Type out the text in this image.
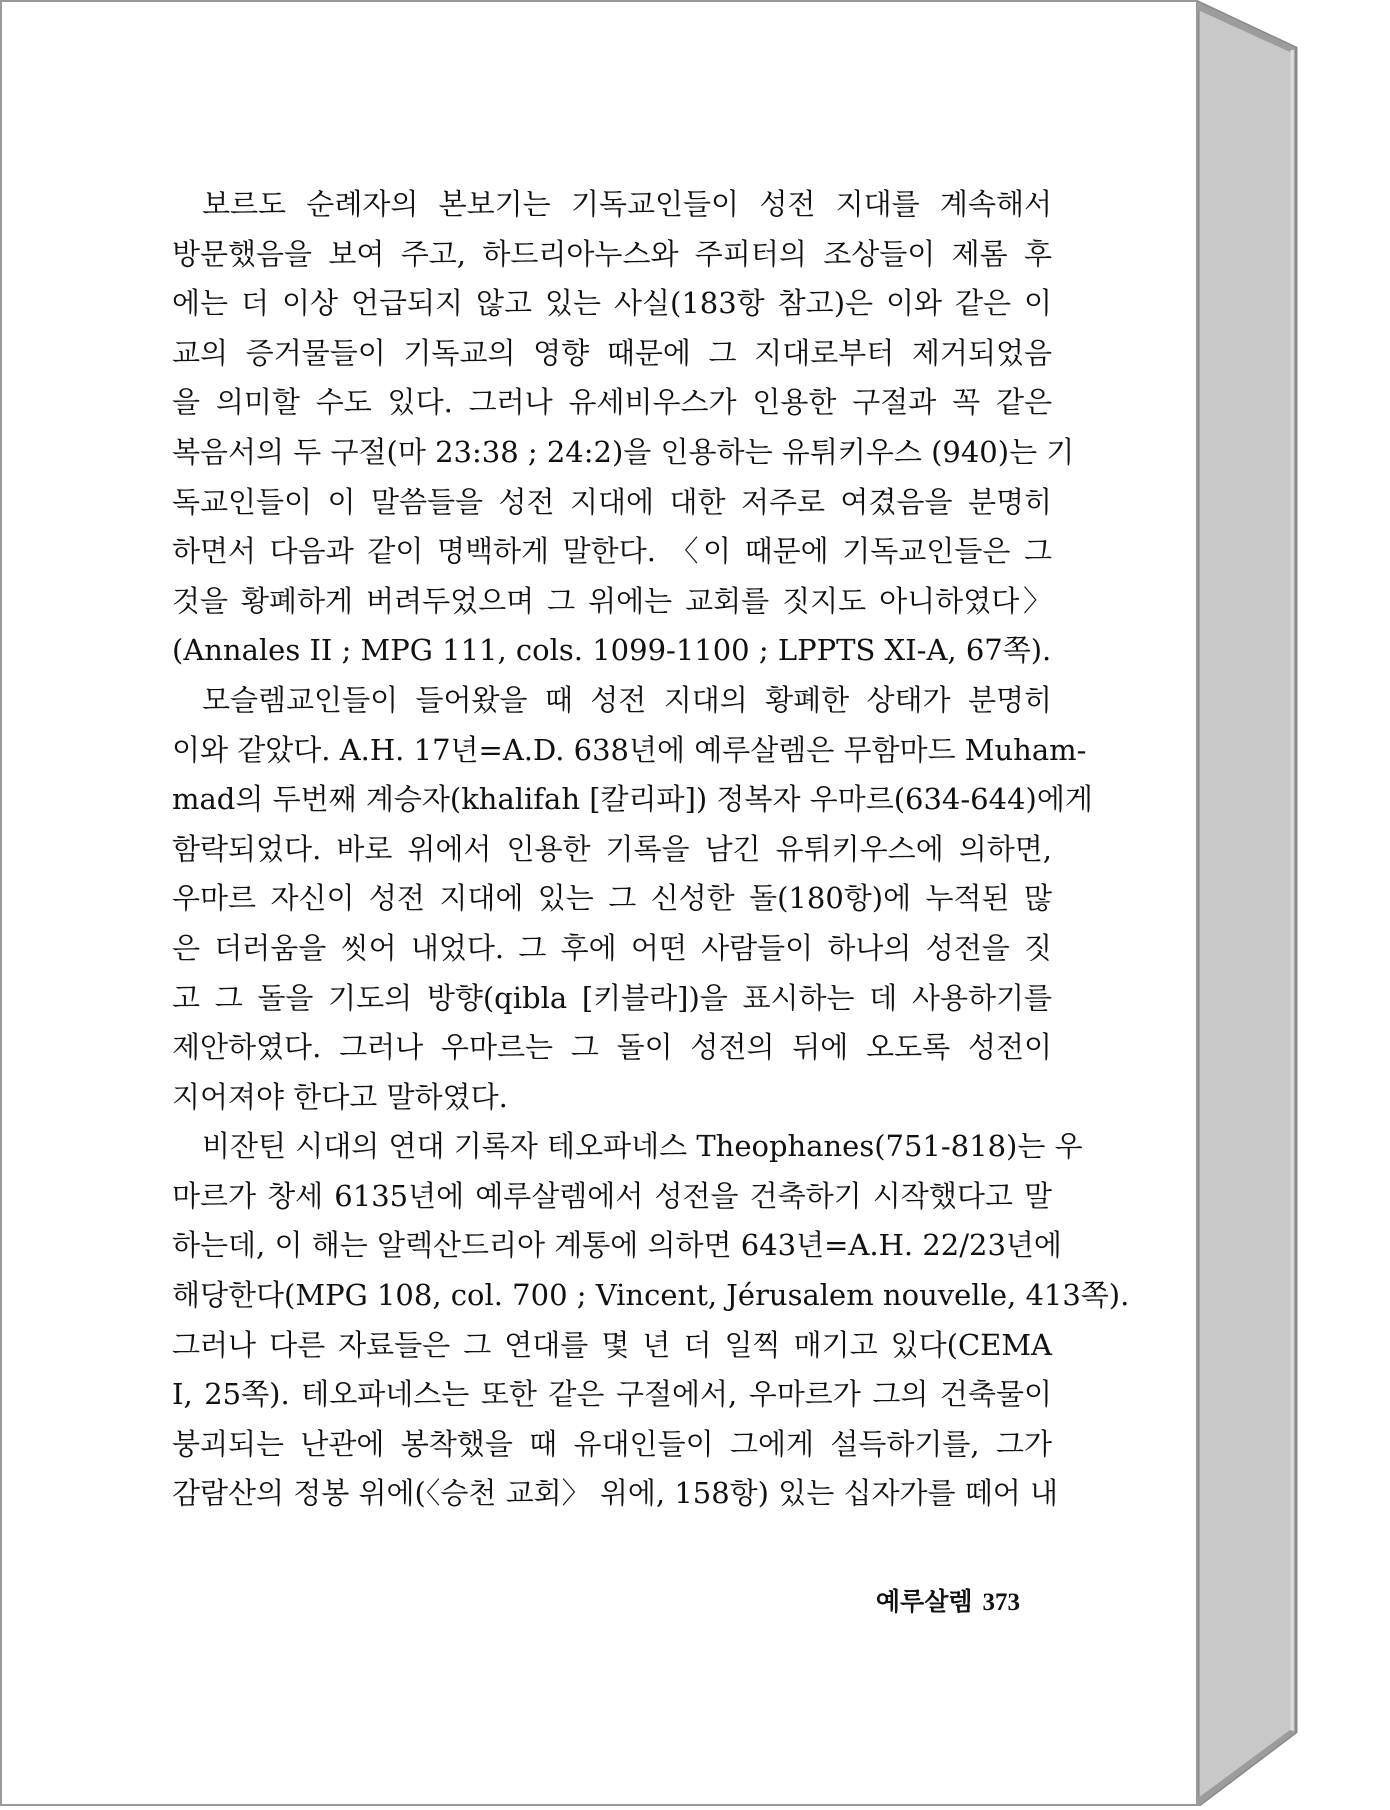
보르도 순례자의 본보기는 기독교인들이 성전 지대를 계속해서
방문했음을 보여 주고, 하드리아누스와 주피터의 조상들이 제롬 후
에는 더 이상 언급되지 않고 있는 사실(183항 참고)은 이와 같은 이
교의 증거물들이 기독교의 영향 때문에 그 지대로부터 제거되었음
을 의미할 수도 있다. 그러나 유세비우스가 인용한 구절과 꼭 같은
복음서의 두 구절(마 23:38 ; 24:2)을 인용하는 유튀키우스 (940)는 기
독교인들이 이 말씀들을 성전 지대에 대한 저주로 여겼음을 분명히
하면서 다음과 같이 명백하게 말한다. 〈이 때문에 기독교인들은 그
것을 황폐하게 버려두었으며 그 위에는 교회를 짓지도 아니하였다〉
(Annales II ; MPG 111, cols. 1099-1100 ; LPPTS XI-A, 67쪽).
모슬렘교인들이 들어왔을 때 성전 지대의 황폐한 상태가 분명히
이와 같았다. A.H. 17년=A.D. 638년에 예루살렘은 무함마드 Muham-
mad의 두번째 계승자(khalifah [칼리파]) 정복자 우마르(634-644)에게
함락되었다. 바로 위에서 인용한 기록을 남긴 유튀키우스에 의하면,
우마르 자신이 성전 지대에 있는 그 신성한 돌(180항)에 누적된 많
은 더러움을 씻어 내었다. 그 후에 어떤 사람들이 하나의 성전을 짓
고 그 돌을 기도의 방향(qibla [키블라])을 표시하는 데 사용하기를
제안하였다. 그러나 우마르는 그 돌이 성전의 뒤에 오도록 성전이
지어져야 한다고 말하였다.
비잔틴 시대의 연대 기록자 테오파네스 Theophanes(751-818)는 우
마르가 창세 6135년에 예루살렘에서 성전을 건축하기 시작했다고 말
하는데, 이 해는 알렉산드리아 계통에 의하면 643년=A.H. 22/23년에
해당한다(MPG 108, col. 700 ; Vincent, Jérusalem nouvelle, 413쪽).
그러나 다른 자료들은 그 연대를 몇 년 더 일찍 매기고 있다(CEMA
I, 25쪽). 테오파네스는 또한 같은 구절에서, 우마르가 그의 건축물이
붕괴되는 난관에 봉착했을 때 유대인들이 그에게 설득하기를, 그가
감람산의 정봉 위에(〈승천 교회〉 위에, 158항) 있는 십자가를 떼어 내
예루살렘 373
